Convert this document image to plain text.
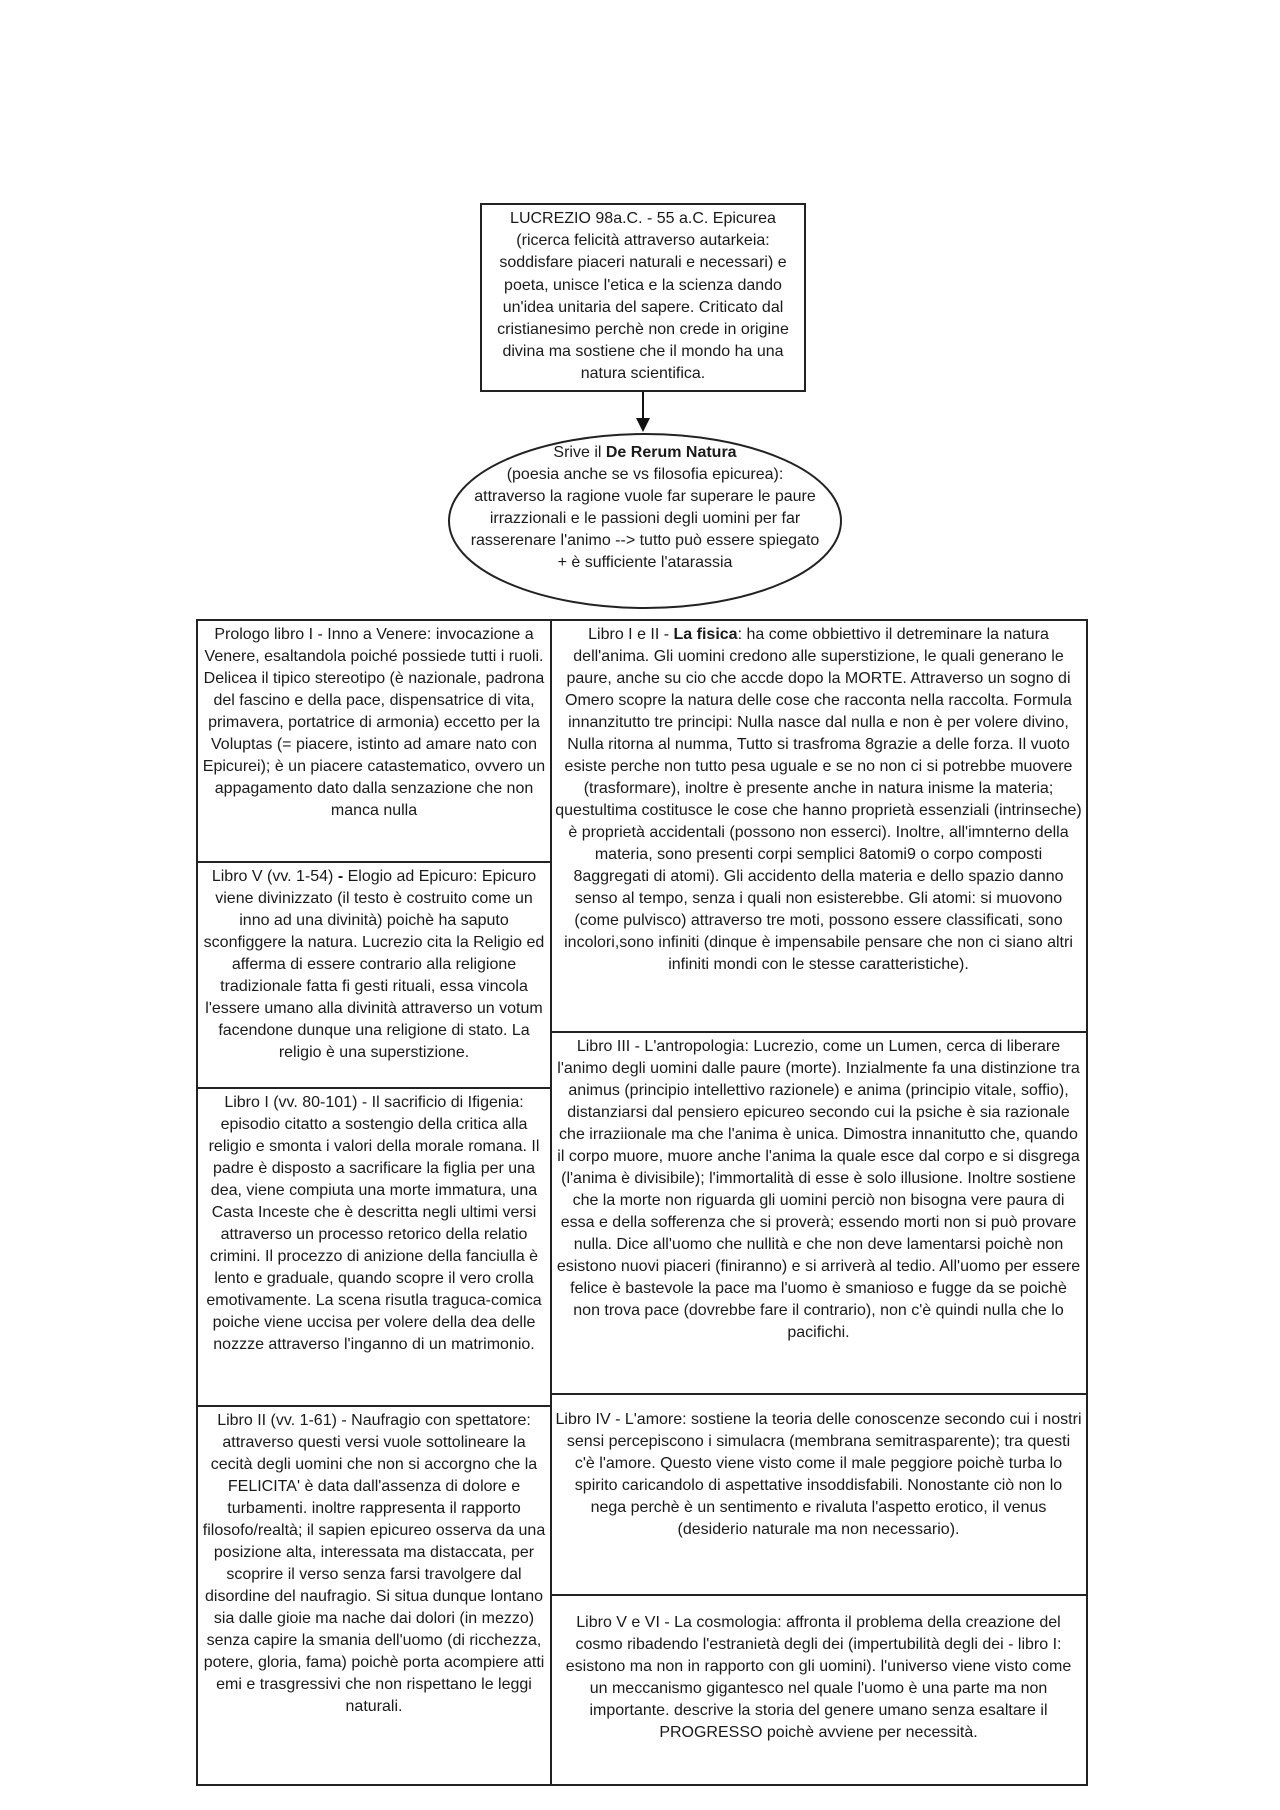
LUCREZIO 98a.C. - 55 a.C. Epicurea (ricerca felicità attraverso autarkeia: soddisfare piaceri naturali e necessari) e poeta, unisce l'etica e la scienza dando un'idea unitaria del sapere. Criticato dal cristianesimo perchè non crede in origine divina ma sostiene che il mondo ha una natura scientifica.
Srive il De Rerum Natura
(poesia anche se vs filosofia epicurea): attraverso la ragione vuole far superare le paure irrazzionali e le passioni degli uomini per far rasserenare l'animo --> tutto può essere spiegato + è sufficiente l'atarassia
Prologo libro I - Inno a Venere: invocazione a Venere, esaltandola poiché possiede tutti i ruoli. Delicea il tipico stereotipo (è nazionale, padrona del fascino e della pace, dispensatrice di vita, primavera, portatrice di armonia) eccetto per la Voluptas (= piacere, istinto ad amare nato con Epicurei); è un piacere catastematico, ovvero un appagamento dato dalla senzazione che non manca nulla
Libro V (vv. 1-54) - Elogio ad Epicuro: Epicuro viene divinizzato (il testo è costruito come un inno ad una divinità) poichè ha saputo sconfiggere la natura. Lucrezio cita la Religio ed afferma di essere contrario alla religione tradizionale fatta fi gesti rituali, essa vincola l'essere umano alla divinità attraverso un votum facendone dunque una religione di stato. La religio è una superstizione.
Libro I (vv. 80-101) - Il sacrificio di Ifigenia: episodio citatto a sostengio della critica alla religio e smonta i valori della morale romana. Il padre è disposto a sacrificare la figlia per una dea, viene compiuta una morte immatura, una Casta Inceste che è descritta negli ultimi versi attraverso un processo retorico della relatio crimini. Il procezzo di anizione della fanciulla è lento e graduale, quando scopre il vero crolla emotivamente. La scena risutla traguca-comica poiche viene uccisa per volere della dea delle nozzze attraverso l'inganno di un matrimonio.
Libro II (vv. 1-61) - Naufragio con spettatore: attraverso questi versi vuole sottolineare la cecità degli uomini che non si accorgno che la FELICITA' è data dall'assenza di dolore e turbamenti. inoltre rappresenta il rapporto filosofo/realtà; il sapien epicureo osserva da una posizione alta, interessata ma distaccata, per scoprire il verso senza farsi travolgere dal disordine del naufragio. Si situa dunque lontano sia dalle gioie ma nache dai dolori (in mezzo) senza capire la smania dell'uomo (di ricchezza, potere, gloria, fama) poichè porta acompiere atti emi e trasgressivi che non rispettano le leggi naturali.
Libro I e II - La fisica: ha come obbiettivo il detreminare la natura dell'anima. Gli uomini credono alle superstizione, le quali generano le paure, anche su cio che accde dopo la MORTE. Attraverso un sogno di Omero scopre la natura delle cose che racconta nella raccolta. Formula innanzitutto tre principi: Nulla nasce dal nulla e non è per volere divino, Nulla ritorna al numma, Tutto si trasfroma 8grazie a delle forza. Il vuoto esiste perche non tutto pesa uguale e se no non ci si potrebbe muovere (trasformare), inoltre è presente anche in natura inisme la materia; questultima costitusce le cose che hanno proprietà essenziali (intrinseche) è proprietà accidentali (possono non esserci). Inoltre, all'imnterno della materia, sono presenti corpi semplici 8atomi9 o corpo composti 8aggregati di atomi). Gli accidento della materia e dello spazio danno senso al tempo, senza i quali non esisterebbe. Gli atomi: si muovono (come pulvisco) attraverso tre moti, possono essere classificati, sono incolori,sono infiniti (dinque è impensabile pensare che non ci siano altri infiniti mondi con le stesse caratteristiche).
Libro III - L'antropologia: Lucrezio, come un Lumen, cerca di liberare l'animo degli uomini dalle paure (morte). Inzialmente fa una distinzione tra animus (principio intellettivo razionele) e anima (principio vitale, soffio), distanziarsi dal pensiero epicureo secondo cui la psiche è sia razionale che irraziionale ma che l'anima è unica. Dimostra innanitutto che, quando il corpo muore, muore anche l'anima la quale esce dal corpo e si disgrega (l'anima è divisibile); l'immortalità di esse è solo illusione. Inoltre sostiene che la morte non riguarda gli uomini perciò non bisogna vere paura di essa e della sofferenza che si proverà; essendo morti non si può provare nulla. Dice all'uomo che nullità e che non deve lamentarsi poichè non esistono nuovi piaceri (finiranno) e si arriverà al tedio. All'uomo per essere felice è bastevole la pace ma l'uomo è smanioso e fugge da se poichè non trova pace (dovrebbe fare il contrario), non c'è quindi nulla che lo pacifichi.
Libro IV - L'amore: sostiene la teoria delle conoscenze secondo cui i nostri sensi percepiscono i simulacra (membrana semitrasparente); tra questi c'è l'amore. Questo viene visto come il male peggiore poichè turba lo spirito caricandolo di aspettative insoddisfabili. Nonostante ciò non lo nega perchè è un sentimento e rivaluta l'aspetto erotico, il venus (desiderio naturale ma non necessario).
Libro V e VI - La cosmologia: affronta il problema della creazione del cosmo ribadendo l'estranietà degli dei (impertubilità degli dei - libro I: esistono ma non in rapporto con gli uomini). l'universo viene visto come un meccanismo gigantesco nel quale l'uomo è una parte ma non importante. descrive la storia del genere umano senza esaltare il PROGRESSO poichè avviene per necessità.
